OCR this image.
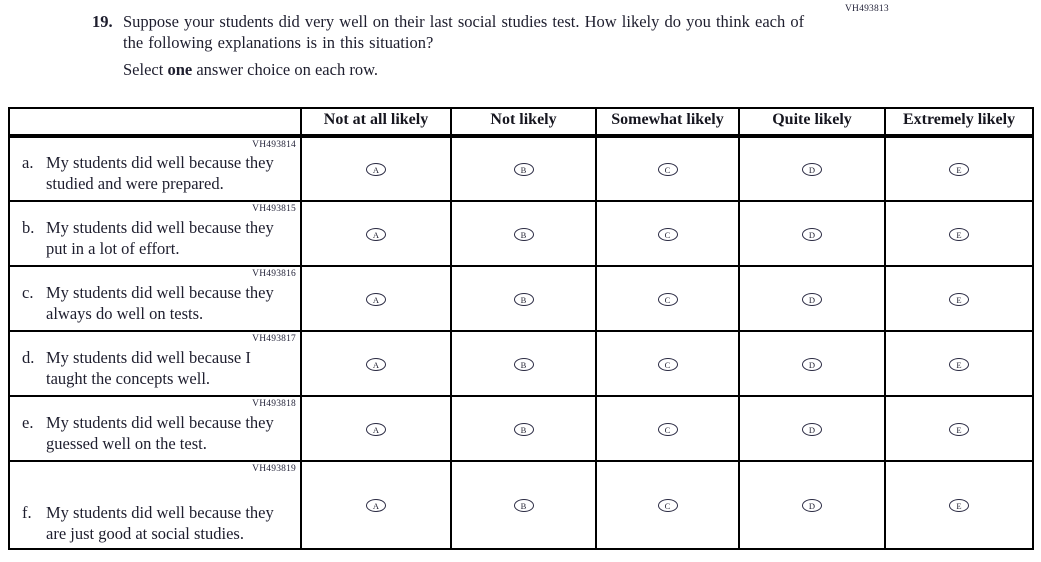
VH493813
19. Suppose your students did very well on their last social studies test. How likely do you think each of the following explanations is in this situation?
Select one answer choice on each row.
	Not at all likely	Not likely	Somewhat likely	Quite likely	Extremely likely

VH493814
a. My students did well because they studied and were prepared.	A	B	C	D	E

VH493815
b. My students did well because they put in a lot of effort.	A	B	C	D	E

VH493816
c. My students did well because they always do well on tests.	A	B	C	D	E

VH493817
d. My students did well because I taught the concepts well.	A	B	C	D	E

VH493818
e. My students did well because they guessed well on the test.	A	B	C	D	E

VH493819
f. My students did well because they are just good at social studies.	A	B	C	D	E
